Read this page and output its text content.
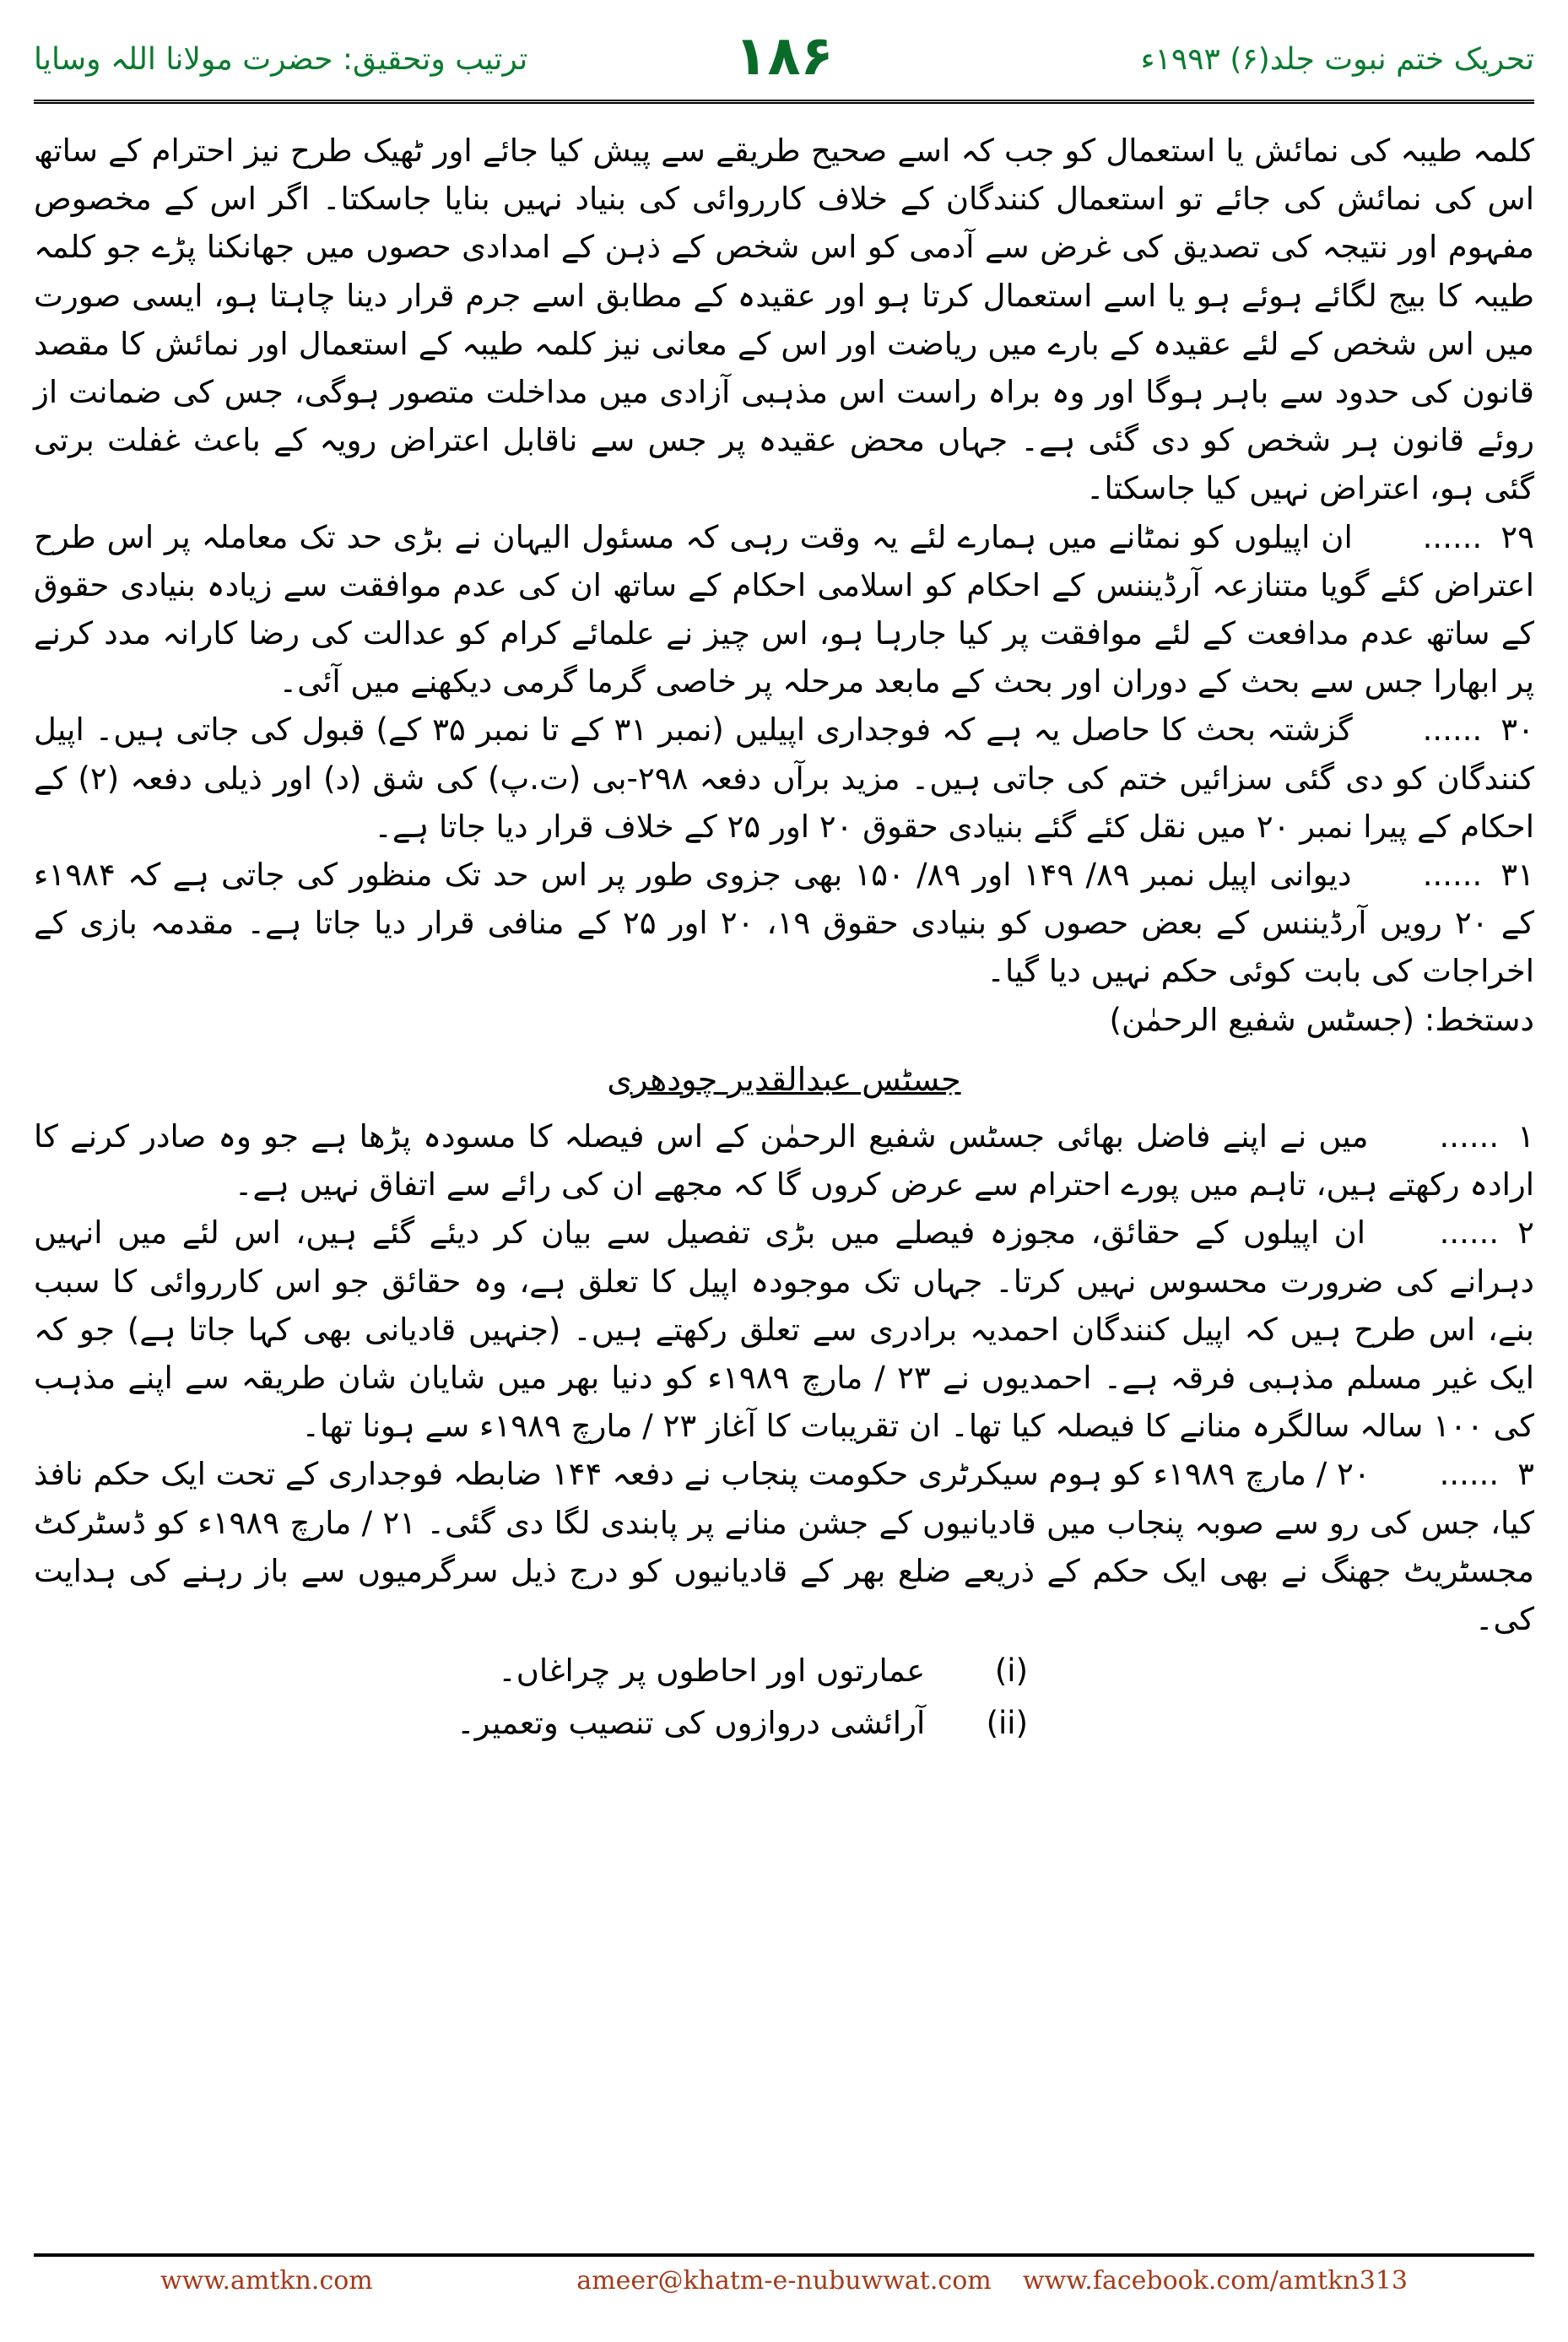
ترتیب وتحقیق: حضرت مولانا اللہ وسایا	۱۸۶	تحریک ختم نبوت جلد(۶) ۱۹۹۳ء

کلمہ طیبہ کی نمائش یا استعمال کو جب کہ اسے صحیح طریقے سے پیش کیا جائے اور ٹھیک طرح نیز احترام کے ساتھ اس کی نمائش کی جائے تو استعمال کنندگان کے خلاف کارروائی کی بنیاد نہیں بنایا جاسکتا۔ اگر اس کے مخصوص مفہوم اور نتیجہ کی تصدیق کی غرض سے آدمی کو اس شخص کے ذہن کے امدادی حصوں میں جھانکنا پڑے جو کلمہ طیبہ کا بیج لگائے ہوئے ہو یا اسے استعمال کرتا ہو اور عقیدہ کے مطابق اسے جرم قرار دینا چاہتا ہو، ایسی صورت میں اس شخص کے لئے عقیدہ کے بارے میں ریاضت اور اس کے معانی نیز کلمہ طیبہ کے استعمال اور نمائش کا مقصد قانون کی حدود سے باہر ہوگا اور وہ براہ راست اس مذہبی آزادی میں مداخلت متصور ہوگی، جس کی ضمانت از روئے قانون ہر شخص کو دی گئی ہے۔ جہاں محض عقیدہ پر جس سے ناقابل اعتراض رویہ کے باعث غفلت برتی گئی ہو، اعتراض نہیں کیا جاسکتا۔

۲۹...... ان اپیلوں کو نمٹانے میں ہمارے لئے یہ وقت رہی کہ مسئول الیہان نے بڑی حد تک معاملہ پر اس طرح اعتراض کئے گویا متنازعہ آرڈیننس کے احکام کو اسلامی احکام کے ساتھ ان کی عدم موافقت سے زیادہ بنیادی حقوق کے ساتھ عدم مدافعت کے لئے موافقت پر کیا جارہا ہو، اس چیز نے علمائے کرام کو عدالت کی رضا کارانہ مدد کرنے پر ابھارا جس سے بحث کے دوران اور بحث کے مابعد مرحلہ پر خاصی گرما گرمی دیکھنے میں آئی۔

۳۰...... گزشتہ بحث کا حاصل یہ ہے کہ فوجداری اپیلیں (نمبر ۳۱ کے تا نمبر ۳۵ کے) قبول کی جاتی ہیں۔ اپیل کنندگان کو دی گئی سزائیں ختم کی جاتی ہیں۔ مزید برآں دفعہ ۲۹۸-بی (ت.پ) کی شق (د) اور ذیلی دفعہ (۲) کے احکام کے پیرا نمبر ۲۰ میں نقل کئے گئے بنیادی حقوق ۲۰ اور ۲۵ کے خلاف قرار دیا جاتا ہے۔

۳۱...... دیوانی اپیل نمبر ۸۹/ ۱۴۹ اور ۸۹/ ۱۵۰ بھی جزوی طور پر اس حد تک منظور کی جاتی ہے کہ ۱۹۸۴ء کے ۲۰ رویں آرڈیننس کے بعض حصوں کو بنیادی حقوق ۱۹، ۲۰ اور ۲۵ کے منافی قرار دیا جاتا ہے۔ مقدمہ بازی کے اخراجات کی بابت کوئی حکم نہیں دیا گیا۔

دستخط: (جسٹس شفیع الرحمٰن)

جسٹس عبدالقدیر چودھری

۱...... میں نے اپنے فاضل بھائی جسٹس شفیع الرحمٰن کے اس فیصلہ کا مسودہ پڑھا ہے جو وہ صادر کرنے کا ارادہ رکھتے ہیں، تاہم میں پورے احترام سے عرض کروں گا کہ مجھے ان کی رائے سے اتفاق نہیں ہے۔

۲...... ان اپیلوں کے حقائق، مجوزہ فیصلے میں بڑی تفصیل سے بیان کر دیئے گئے ہیں، اس لئے میں انہیں دہرانے کی ضرورت محسوس نہیں کرتا۔ جہاں تک موجودہ اپیل کا تعلق ہے، وہ حقائق جو اس کارروائی کا سبب بنے، اس طرح ہیں کہ اپیل کنندگان احمدیہ برادری سے تعلق رکھتے ہیں۔ (جنہیں قادیانی بھی کہا جاتا ہے) جو کہ ایک غیر مسلم مذہبی فرقہ ہے۔ احمدیوں نے ۲۳ / مارچ ۱۹۸۹ء کو دنیا بھر میں شایان شان طریقہ سے اپنے مذہب کی ۱۰۰ سالہ سالگرہ منانے کا فیصلہ کیا تھا۔ ان تقریبات کا آغاز ۲۳ / مارچ ۱۹۸۹ء سے ہونا تھا۔

۳...... ۲۰ / مارچ ۱۹۸۹ء کو ہوم سیکرٹری حکومت پنجاب نے دفعہ ۱۴۴ ضابطہ فوجداری کے تحت ایک حکم نافذ کیا، جس کی رو سے صوبہ پنجاب میں قادیانیوں کے جشن منانے پر پابندی لگا دی گئی۔ ۲۱ / مارچ ۱۹۸۹ء کو ڈسٹرکٹ مجسٹریٹ جھنگ نے بھی ایک حکم کے ذریعے ضلع بھر کے قادیانیوں کو درج ذیل سرگرمیوں سے باز رہنے کی ہدایت کی۔

(i) عمارتوں اور احاطوں پر چراغاں۔
(ii) آرائشی دروازوں کی تنصیب وتعمیر۔
www.amtkn.com	ameer@khatm-e-nubuwwat.com www.facebook.com/amtkn313
